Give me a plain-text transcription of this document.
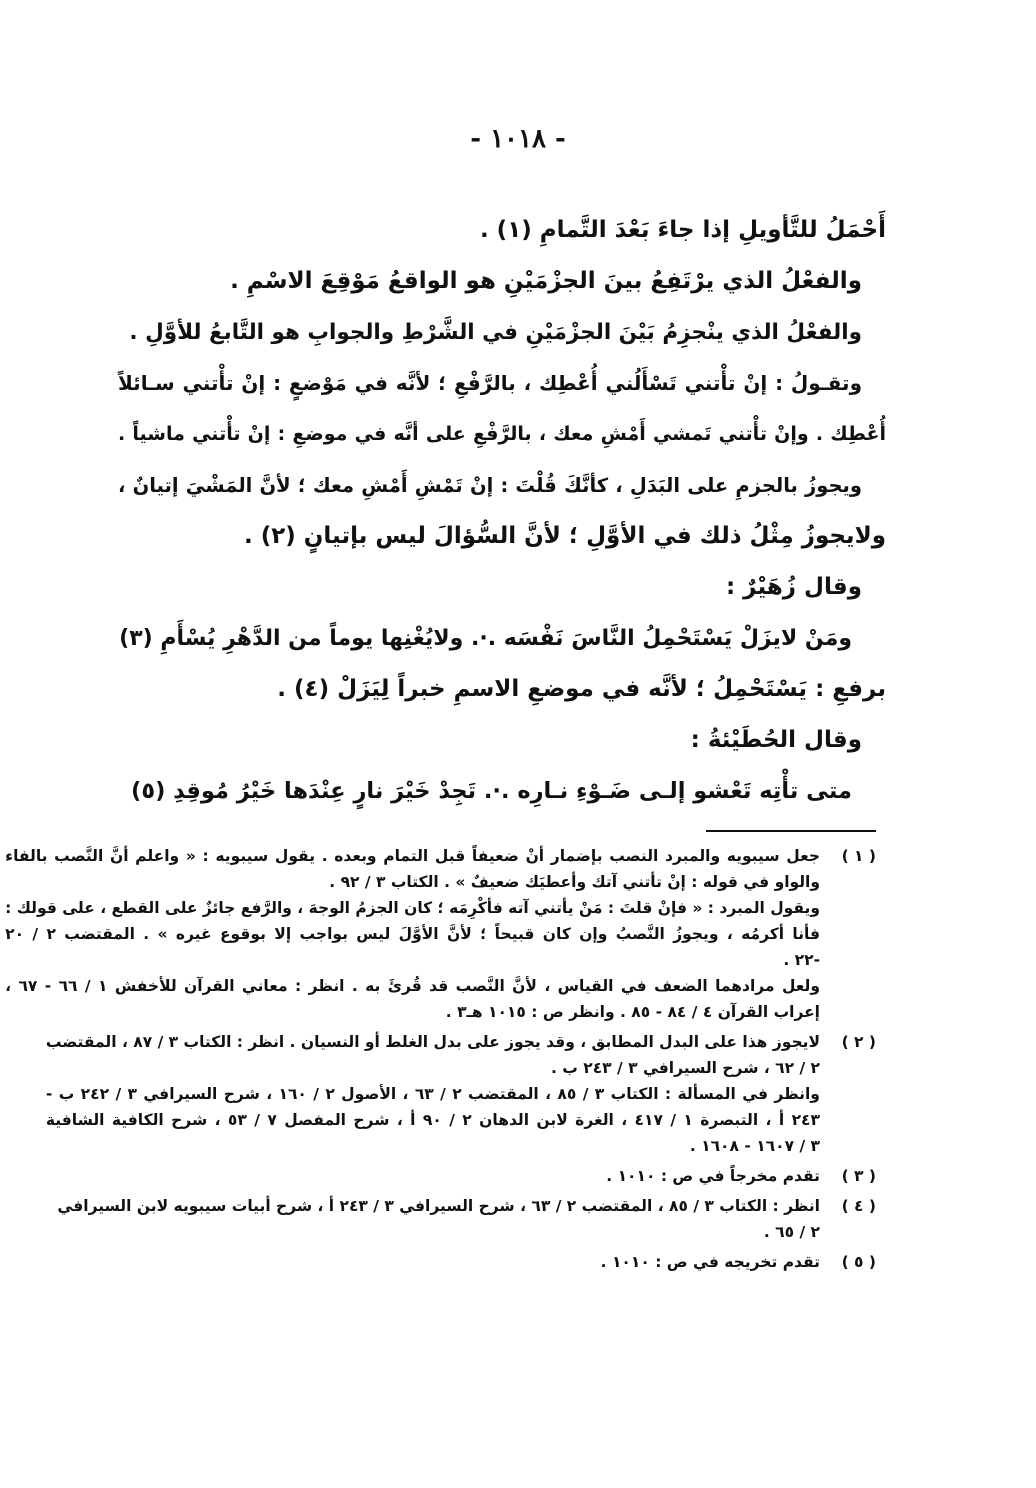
- ١٠١٨ -
أَحْمَلُ للتَّأويلِ إذا جاءَ بَعْدَ التَّمامِ (١) .
والفعْلُ الذي يرْتَفِعُ بينَ الجزْمَيْنِ هو الواقعُ مَوْقِعَ الاسْمِ .
والفعْلُ الذي ينْجزِمُ بَيْنَ الجزْمَيْنِ في الشَّرْطِ والجوابِ هو التَّابعُ للأوَّلِ .
وتقـولُ : إنْ تأْتني تَسْأَلُني أُعْطِك ، بالرَّفْعِ ؛ لأنَّه في مَوْضعٍ : إنْ تأْتني سـائلاً
أُعْطِك . وإنْ تأْتني تَمشي أَمْشِ معك ، بالرَّفْعِ على أنَّه في موضعِ : إنْ تأْتني ماشياً .
ويجوزُ بالجزمِ على البَدَلِ ، كأنَّكَ قُلْتَ : إنْ تَمْشِ أَمْشِ معك ؛ لأنَّ المَشْيَ إتيانٌ ،
ولايجوزُ مِثْلُ ذلك في الأوَّلِ ؛ لأنَّ السُّؤالَ ليس بإتيانٍ (٢) .
وقال زُهَيْرٌ :
ومَنْ لايزَلْ يَسْتَحْمِلُ النَّاسَ نَفْسَه .·. ولايُغْنِها يوماً من الدَّهْرِ يُسْأَمِ (٣)
برفعِ : يَسْتَحْمِلُ ؛ لأنَّه في موضعِ الاسمِ خبراً لِيَزَلْ (٤) .
وقال الحُطَيْئةُ :
متى تأْتِه تَعْشو إلـى ضَـوْءِ نـارِه .·. تَجِدْ خَيْرَ نارٍ عِنْدَها خَيْرُ مُوقِدِ (٥)
( ١ )
جعل سيبويه والمبرد النصب بإضمار أنْ ضعيفاً قبل التمام وبعده . يقول سيبويه : « واعلم أنَّ النَّصب بالفاء
والواو في قوله : إنْ تأتني آتك وأعطيَك ضعيفٌ » . الكتاب ٣ / ٩٢ .
ويقول المبرد : « فإنْ قلتَ : مَنْ يأتني آته فأكْرِمَه ؛ كان الجزمُ الوجهَ ، والرَّفع جائزٌ على القطع ، على قولك :
فأنا أكرمُه ، ويجوزُ النَّصبُ وإن كان قبيحاً ؛ لأنَّ الأوَّلَ ليس بواجب إلا بوقوع غيره » . المقتضب ٢ / ٢٠
-٢٢ .
ولعل مرادهما الضعف في القياس ، لأنَّ النَّصب قد قُرئَ به . انظر : معاني القرآن للأخفش ١ / ٦٦ - ٦٧ ،
إعراب القرآن ٤ / ٨٤ - ٨٥ . وانظر ص : ١٠١٥ هـ٣ .
( ٢ )
لايجوز هذا على البدل المطابق ، وقد يجوز على بدل الغلط أو النسيان . انظر : الكتاب ٣ / ٨٧ ، المقتضب
٢ / ٦٢ ، شرح السيرافي ٣ / ٢٤٣ ب .
وانظر في المسألة : الكتاب ٣ / ٨٥ ، المقتضب ٢ / ٦٣ ، الأصول ٢ / ١٦٠ ، شرح السيرافي ٣ / ٢٤٢ ب -
٢٤٣ أ ، التبصرة ١ / ٤١٧ ، الغرة لابن الدهان ٢ / ٩٠ أ ، شرح المفصل ٧ / ٥٣ ، شرح الكافية الشافية
٣ / ١٦٠٧ - ١٦٠٨ .
( ٣ )
تقدم مخرجاً في ص : ١٠١٠ .
( ٤ )
انظر : الكتاب ٣ / ٨٥ ، المقتضب ٢ / ٦٣ ، شرح السيرافي ٣ / ٢٤٣ أ ، شرح أبيات سيبويه لابن السيرافي
٢ / ٦٥ .
( ٥ )
تقدم تخريجه في ص : ١٠١٠ .
